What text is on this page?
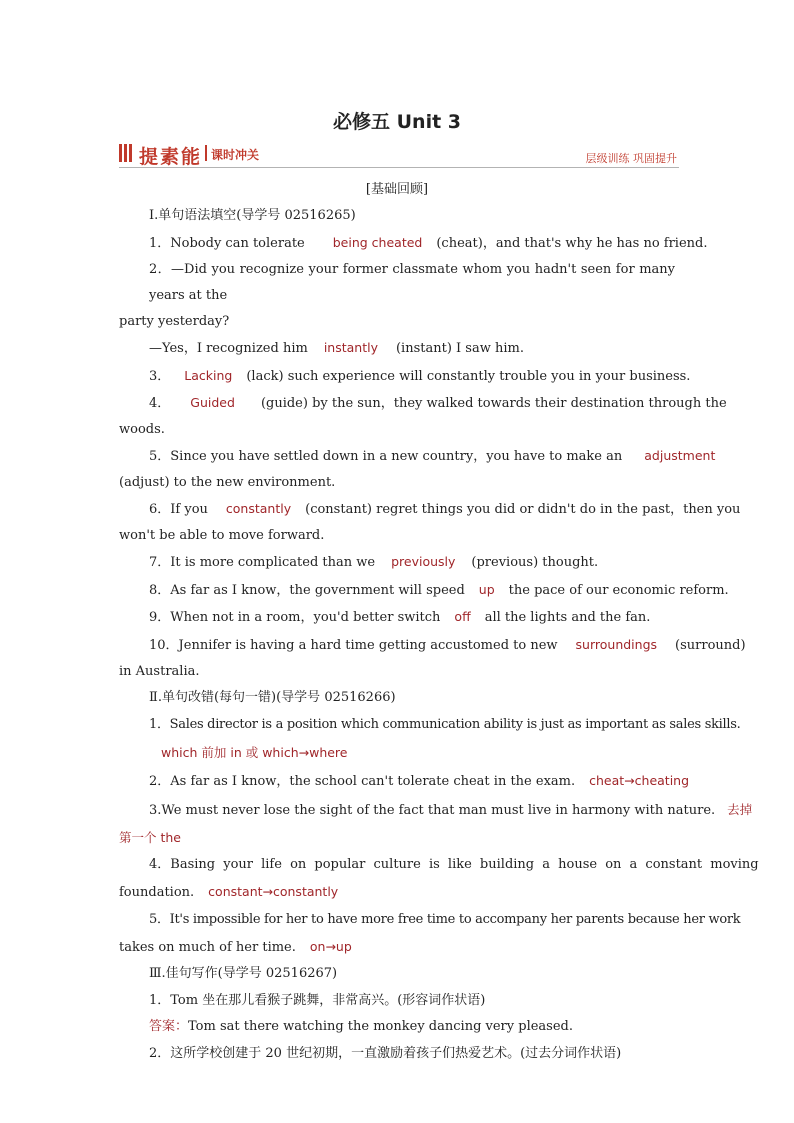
必修五 Unit 3
提素能 课时冲关	层级训练 巩固提升
[基础回顾]
Ⅰ.单句语法填空(导学号 02516265)
1．Nobody can tolerate being cheated (cheat)，and that's why he has no friend.
2．—Did you recognize your former classmate whom you hadn't seen for many years at the
party yesterday?
—Yes，I recognized him instantly (instant) I saw him.
3． Lacking (lack) such experience will constantly trouble you in your business.
4． Guided (guide) by the sun，they walked towards their destination through the
woods.
5．Since you have settled down in a new country，you have to make an adjustment
(adjust) to the new environment.
6．If you constantly (constant) regret things you did or didn't do in the past，then you
won't be able to move forward.
7．It is more complicated than we previously (previous) thought.
8．As far as I know，the government will speed up the pace of our economic reform.
9．When not in a room，you'd better switch off all the lights and the fan.
10．Jennifer is having a hard time getting accustomed to new surroundings (surround)
in Australia.
Ⅱ.单句改错(每句一错)(导学号 02516266)
1．Sales director is a position which communication ability is just as important as sales skills.
which 前加 in 或 which→where
2．As far as I know，the school can't tolerate cheat in the exam. cheat→cheating
3.We must never lose the sight of the fact that man must live in harmony with nature. 去掉
第一个 the
4．Basing your life on popular culture is like building a house on a constant moving
foundation. constant→constantly
5．It's impossible for her to have more free time to accompany her parents because her work
takes on much of her time. on→up
Ⅲ.佳句写作(导学号 02516267)
1．Tom 坐在那儿看猴子跳舞，非常高兴。(形容词作状语)
答案：Tom sat there watching the monkey dancing very pleased.
2．这所学校创建于 20 世纪初期，一直激励着孩子们热爱艺术。(过去分词作状语)
